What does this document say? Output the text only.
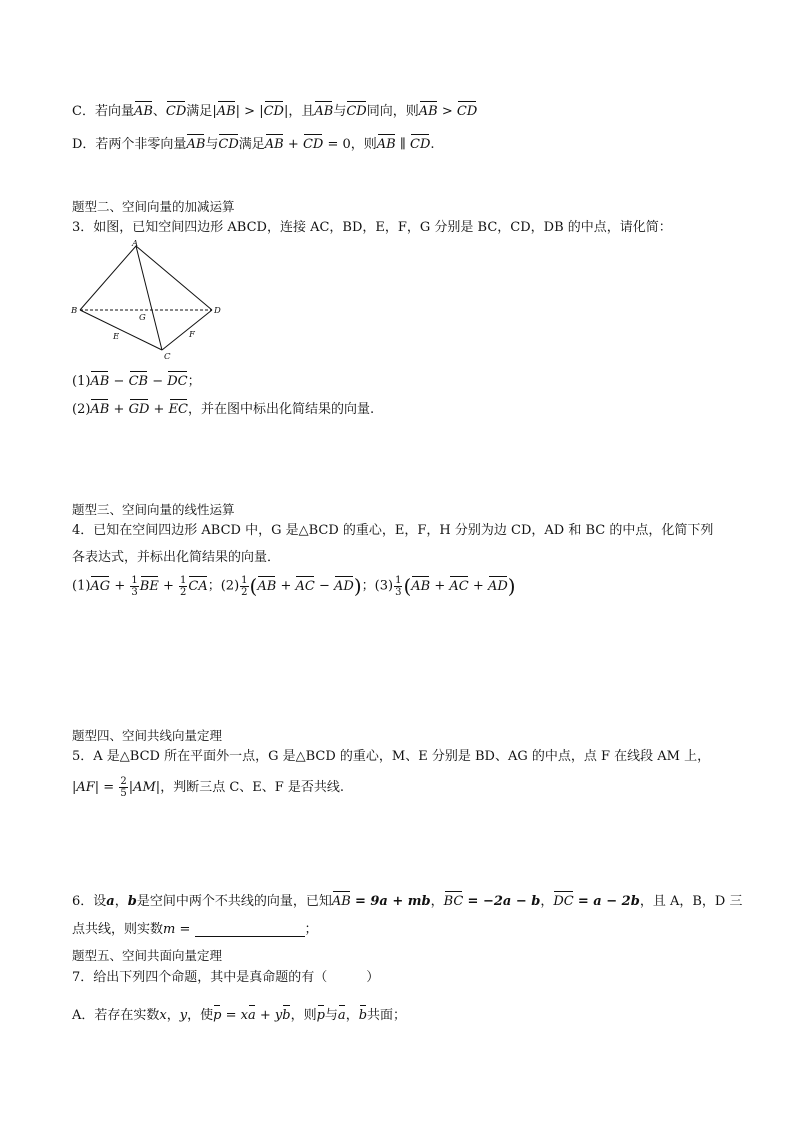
C．若向量AB、CD满足|AB| > |CD|，且AB与CD同向，则AB > CD
D．若两个非零向量AB与CD满足AB + CD = 0，则AB ∥ CD.
题型二、空间向量的加减运算
3．如图，已知空间四边形 ABCD，连接 AC，BD，E，F，G 分别是 BC，CD，DB 的中点，请化简：
A
B
C
D
E	F
G
(1)AB − CB − DC；
(2)AB + GD + EC，并在图中标出化简结果的向量.
题型三、空间向量的线性运算
4．已知在空间四边形 ABCD 中，G 是△BCD 的重心，E，F，H 分别为边 CD，AD 和 BC 的中点，化简下列
各表达式，并标出化简结果的向量．
$(1)AG + \frac{1}{3}$ BE + $\frac{1}{2}$ CA；$(2) \frac{1}{2} (AB$ + AC − AD)；$(3) \frac{1}{3} (AB$ + AC + AD)
题型四、空间共线向量定理
5．A 是△BCD 所在平面外一点，G 是△BCD 的重心，M、E 分别是 BD、AG 的中点，点 F 在线段 AM 上，
$|AF| = \frac{2}{5} |AM|$，判断三点 C、E、F 是否共线.
6．设a，b是空间中两个不共线的向量，已知AB = 9a + mb，BC = −2a − b，DC = a − 2b，且 A，B，D 三
点共线，则实数m =	；
题型五、空间共面向量定理
7．给出下列四个命题，其中是真命题的有（　　　）
A．若存在实数x，y，使p = xa + yb，则p与a，b共面；
